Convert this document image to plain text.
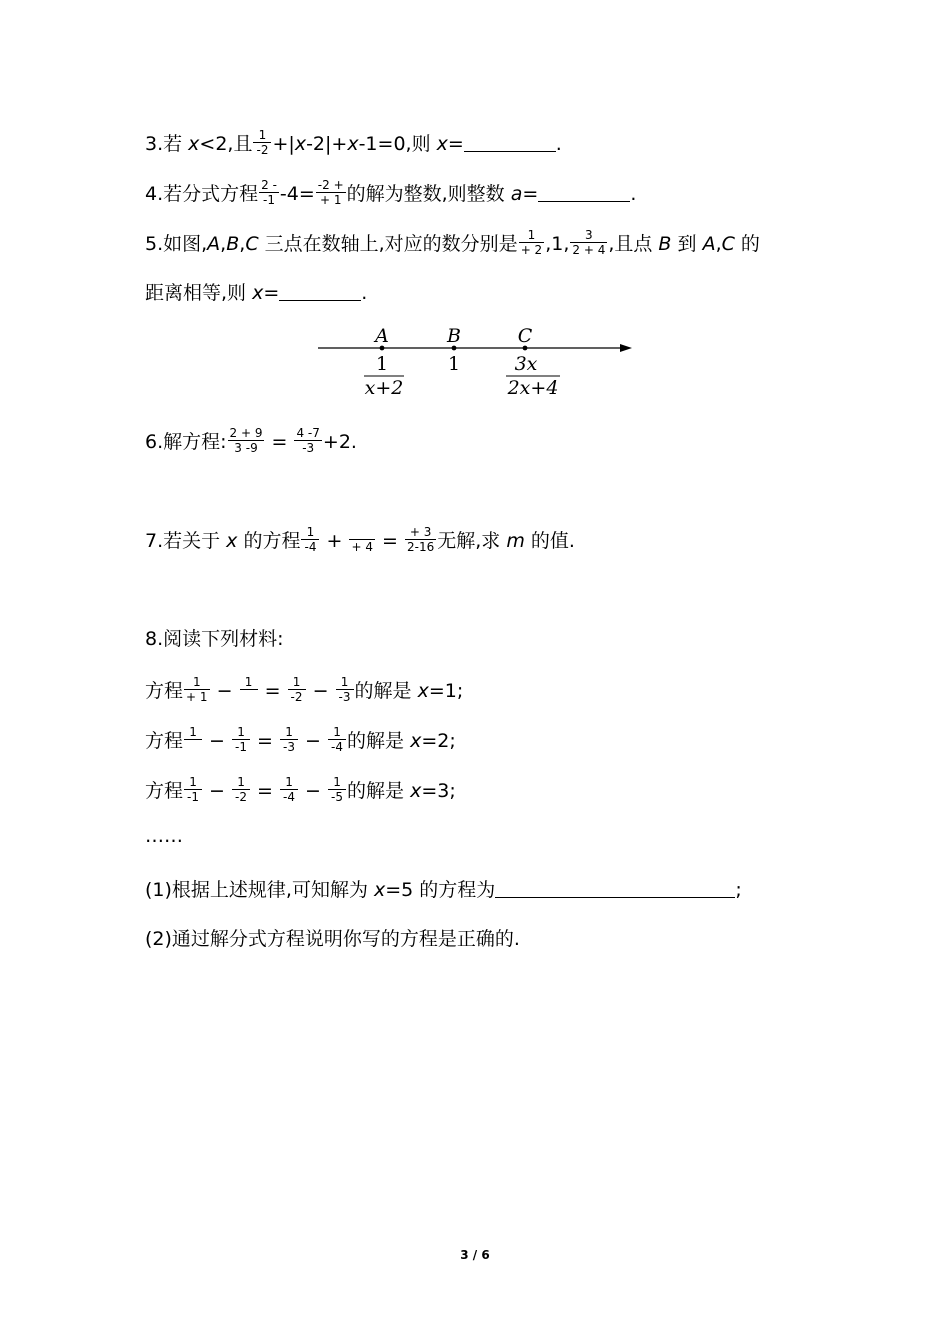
3.若 x<2,且 $\frac{1}{-2} +|x-2|+x-1=0$,则 x=	.
4.若分式方程 $\frac{2 -}{-1} -4= \frac{-2 +}{+ 1}$ 的解为整数,则整数 a=	.
5.如图,A,B,C 三点在数轴上,对应的数分别是 $\frac{1}{+ 2} ,1$, $\frac{3}{2 + 4}$ ,且点 B 到 A,C 的
距离相等,则 x=	.
A	B	C
1
x+2
1	3x
2x+4
6.解方程: $\frac{2 + 9}{3 -9} = \frac{4 -7}{-3} +2$.
7.若关于 x 的方程 $\frac{1}{-4}$ + + $4 = \frac{+ 3}{2-16}$ 无解,求 m 的值.
8.阅读下列材料:
方程 $\frac{1}{+ 1} - 1 = \frac{1}{-2} - \frac{1}{-3}$ 的解是 x=1;
方程 $1 - \frac{1}{-1} = \frac{1}{-3} - \frac{1}{-4}$ 的解是 x=2;
方程 $\frac{1}{-1} - \frac{1}{-2} = \frac{1}{-4} - \frac{1}{-5}$ 的解是 x=3;
……
(1)根据上述规律,可知解为 x=5 的方程为	;
(2)通过解分式方程说明你写的方程是正确的.
3 / 6
